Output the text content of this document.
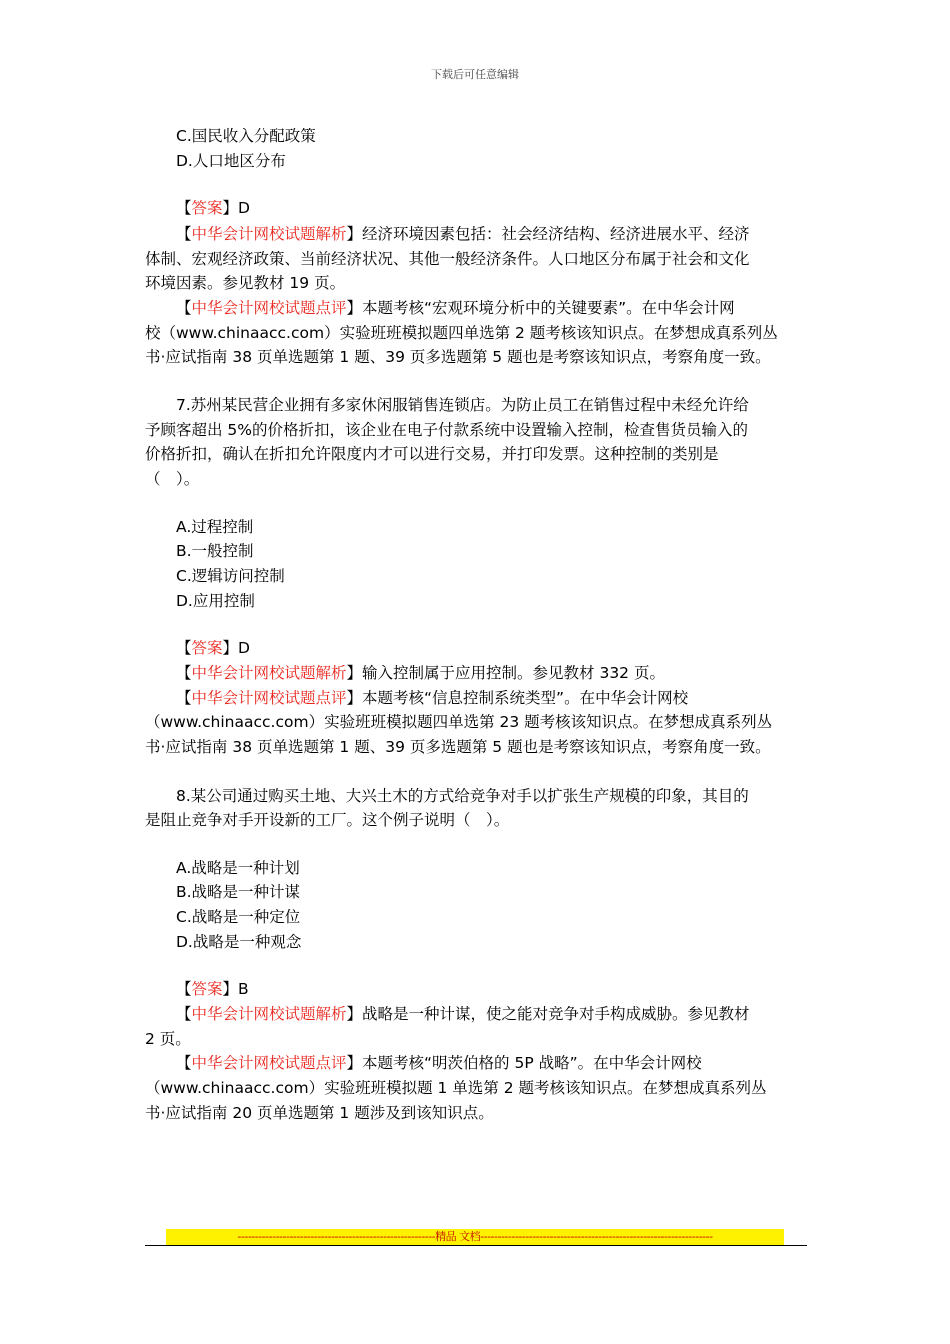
下载后可任意编辑
C.国民收入分配政策
D.人口地区分布
【答案】D
【中华会计网校试题解析】经济环境因素包括：社会经济结构、经济进展水平、经济
体制、宏观经济政策、当前经济状况、其他一般经济条件。人口地区分布属于社会和文化
环境因素。参见教材 19 页。
【中华会计网校试题点评】本题考核“宏观环境分析中的关键要素”。在中华会计网
校（www.chinaacc.com）实验班班模拟题四单选第 2 题考核该知识点。在梦想成真系列丛
书·应试指南 38 页单选题第 1 题、39 页多选题第 5 题也是考察该知识点，考察角度一致。
7.苏州某民营企业拥有多家休闲服销售连锁店。为防止员工在销售过程中未经允许给
予顾客超出 5%的价格折扣，该企业在电子付款系统中设置输入控制，检查售货员输入的
价格折扣，确认在折扣允许限度内才可以进行交易，并打印发票。这种控制的类别是
（　）。
A.过程控制
B.一般控制
C.逻辑访问控制
D.应用控制
【答案】D
【中华会计网校试题解析】输入控制属于应用控制。参见教材 332 页。
【中华会计网校试题点评】本题考核“信息控制系统类型”。在中华会计网校
（www.chinaacc.com）实验班班模拟题四单选第 23 题考核该知识点。在梦想成真系列丛
书·应试指南 38 页单选题第 1 题、39 页多选题第 5 题也是考察该知识点，考察角度一致。
8.某公司通过购买土地、大兴土木的方式给竞争对手以扩张生产规模的印象，其目的
是阻止竞争对手开设新的工厂。这个例子说明（　）。
A.战略是一种计划
B.战略是一种计谋
C.战略是一种定位
D.战略是一种观念
【答案】B
【中华会计网校试题解析】战略是一种计谋，使之能对竞争对手构成威胁。参见教材
2 页。
【中华会计网校试题点评】本题考核“明茨伯格的 5P 战略”。在中华会计网校
（www.chinaacc.com）实验班班模拟题 1 单选第 2 题考核该知识点。在梦想成真系列丛
书·应试指南 20 页单选题第 1 题涉及到该知识点。
---------------------------------------------------------精品 文档-------------------------------------------------------------------
